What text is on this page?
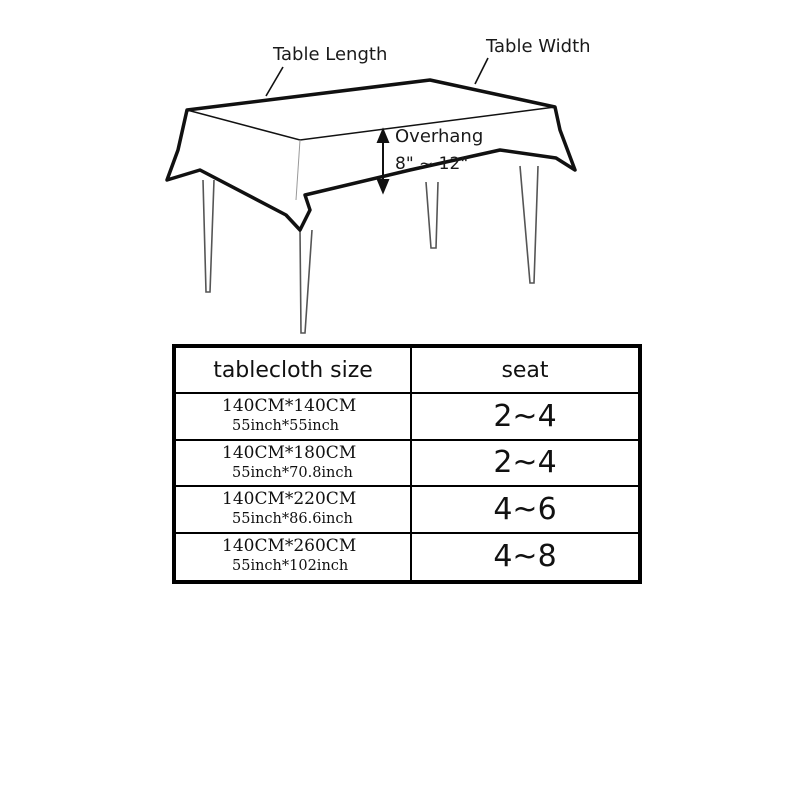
Table Length	Table Width
Overhang
8" ~ 12"
tablecloth size	seat
140CM*140CM
55inch*55inch	2~4
140CM*180CM
55inch*70.8inch	2~4
140CM*220CM
55inch*86.6inch	4~6
140CM*260CM
55inch*102inch	4~8
